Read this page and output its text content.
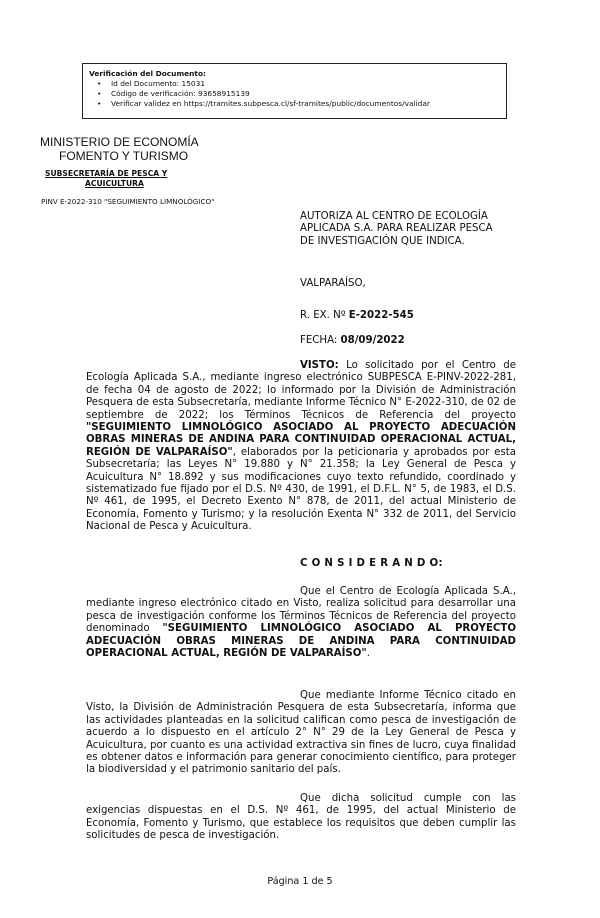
Verificación del Documento:
• Id del Documento: 15031
• Código de verificación: 93658915139
• Verificar validez en https://tramites.subpesca.cl/sf-tramites/public/documentos/validar
MINISTERIO DE ECONOMÍA
FOMENTO Y TURISMO
SUBSECRETARÍA DE PESCA Y
ACUICULTURA
PINV E-2022-310 "SEGUIMIENTO LIMNOLÓGICO"
AUTORIZA AL CENTRO DE ECOLOGÍA
APLICADA S.A. PARA REALIZAR PESCA
DE INVESTIGACIÓN QUE INDICA.
VALPARAÍSO,
R. EX. Nº E-2022-545
FECHA: 08/09/2022
VISTO: Lo solicitado por el Centro de Ecología Aplicada S.A., mediante ingreso electrónico SUBPESCA E-PINV-2022-281, de fecha 04 de agosto de 2022; lo informado por la División de Administración Pesquera de esta Subsecretaría, mediante Informe Técnico N° E-2022-310, de 02 de septiembre de 2022; los Términos Técnicos de Referencia del proyecto "SEGUIMIENTO LIMNOLÓGICO ASOCIADO AL PROYECTO ADECUACIÓN OBRAS MINERAS DE ANDINA PARA CONTINUIDAD OPERACIONAL ACTUAL, REGIÓN DE VALPARAÍSO", elaborados por la peticionaria y aprobados por esta Subsecretaría; las Leyes N° 19.880 y N° 21.358; la Ley General de Pesca y Acuicultura N° 18.892 y sus modificaciones cuyo texto refundido, coordinado y sistematizado fue fijado por el D.S. Nº 430, de 1991, el D.F.L. N° 5, de 1983, el D.S. Nº 461, de 1995, el Decreto Exento N° 878, de 2011, del actual Ministerio de Economía, Fomento y Turismo; y la resolución Exenta N° 332 de 2011, del Servicio Nacional de Pesca y Acuicultura.
C O N S I D E R A N D O:
Que el Centro de Ecología Aplicada S.A., mediante ingreso electrónico citado en Visto, realiza solicitud para desarrollar una pesca de investigación conforme los Términos Técnicos de Referencia del proyecto denominado "SEGUIMIENTO LIMNOLÓGICO ASOCIADO AL PROYECTO ADECUACIÓN OBRAS MINERAS DE ANDINA PARA CONTINUIDAD OPERACIONAL ACTUAL, REGIÓN DE VALPARAÍSO".
Que mediante Informe Técnico citado en Visto, la División de Administración Pesquera de esta Subsecretaría, informa que las actividades planteadas en la solicitud califican como pesca de investigación de acuerdo a lo dispuesto en el artículo 2° N° 29 de la Ley General de Pesca y Acuicultura, por cuanto es una actividad extractiva sin fines de lucro, cuya finalidad es obtener datos e información para generar conocimiento científico, para proteger la biodiversidad y el patrimonio sanitario del país.
Que dicha solicitud cumple con las exigencias dispuestas en el D.S. Nº 461, de 1995, del actual Ministerio de Economía, Fomento y Turismo, que establece los requisitos que deben cumplir las solicitudes de pesca de investigación.
Página 1 de 5
